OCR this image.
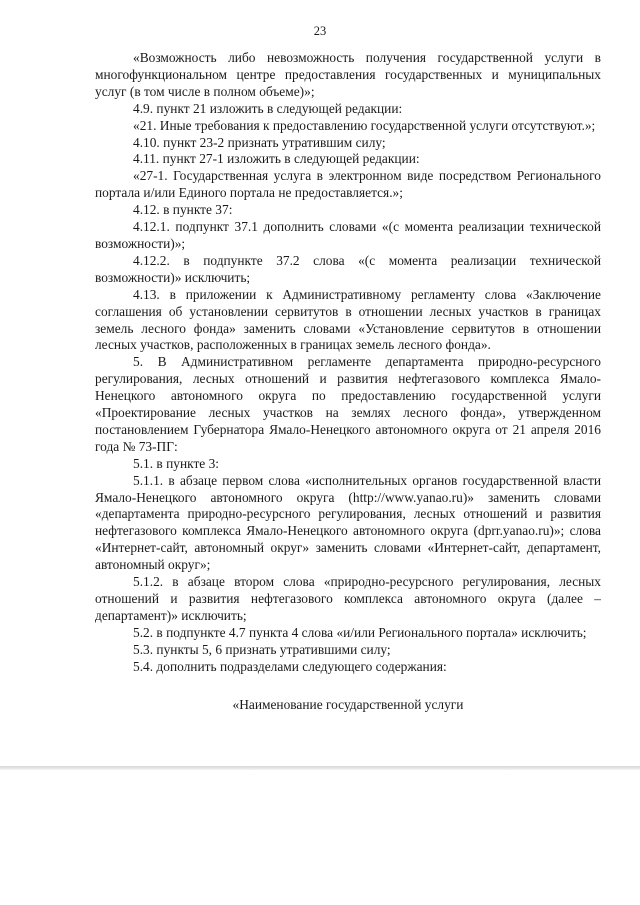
23

«Возможность либо невозможность получения государственной услуги в многофункциональном центре предоставления государственных и муниципальных услуг (в том числе в полном объеме)»;

4.9. пункт 21 изложить в следующей редакции:

«21. Иные требования к предоставлению государственной услуги отсутствуют.»;

4.10. пункт 23-2 признать утратившим силу;

4.11. пункт 27-1 изложить в следующей редакции:

«27-1. Государственная услуга в электронном виде посредством Регионального портала и/или Единого портала не предоставляется.»;

4.12. в пункте 37:

4.12.1. подпункт 37.1 дополнить словами «(с момента реализации технической возможности)»;

4.12.2. в подпункте 37.2 слова «(с момента реализации технической возможности)» исключить;

4.13. в приложении к Административному регламенту слова «Заключение соглашения об установлении сервитутов в отношении лесных участков в границах земель лесного фонда» заменить словами «Установление сервитутов в отношении лесных участков, расположенных в границах земель лесного фонда».

5. В Административном регламенте департамента природно-ресурсного регулирования, лесных отношений и развития нефтегазового комплекса Ямало-Ненецкого автономного округа по предоставлению государственной услуги «Проектирование лесных участков на землях лесного фонда», утвержденном постановлением Губернатора Ямало-Ненецкого автономного округа от 21 апреля 2016 года № 73-ПГ:

5.1. в пункте 3:

5.1.1. в абзаце первом слова «исполнительных органов государственной власти Ямало-Ненецкого автономного округа (http://www.yanao.ru)» заменить словами «департамента природно-ресурсного регулирования, лесных отношений и развития нефтегазового комплекса Ямало-Ненецкого автономного округа (dprr.yanao.ru)»; слова «Интернет-сайт, автономный округ» заменить словами «Интернет-сайт, департамент, автономный округ»;

5.1.2. в абзаце втором слова «природно-ресурсного регулирования, лесных отношений и развития нефтегазового комплекса автономного округа (далее – департамент)» исключить;

5.2. в подпункте 4.7 пункта 4 слова «и/или Регионального портала» исключить;

5.3. пункты 5, 6 признать утратившими силу;

5.4. дополнить подразделами следующего содержания:

«Наименование государственной услуги
